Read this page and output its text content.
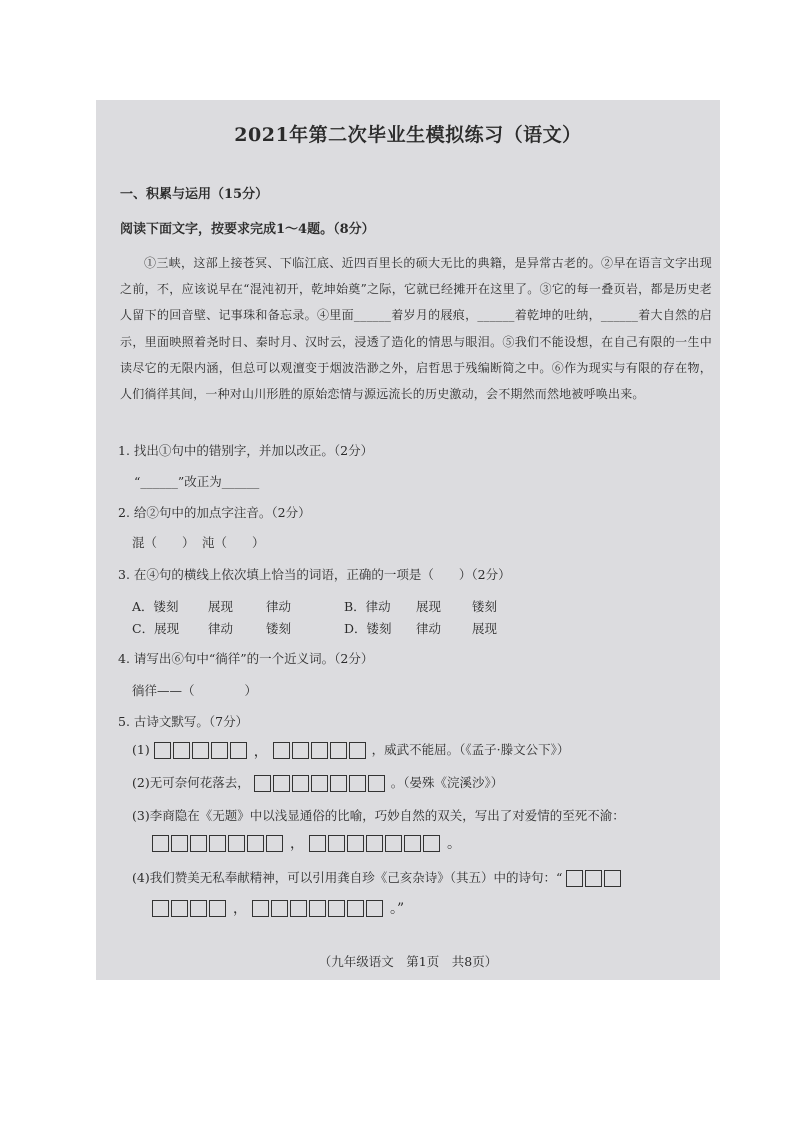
2021年第二次毕业生模拟练习（语文）
一、积累与运用（15分）
阅读下面文字，按要求完成1～4题。（8分）

①三峡，这部上接苍冥、下临江底、近四百里长的硕大无比的典籍，是异常古老的。②早在语言文字出现之前，不，应该说早在“混沌初开，乾坤始奠”之际，它就已经摊开在这里了。③它的每一叠页岩，都是历史老人留下的回音壁、记事珠和备忘录。④里面______着岁月的屐痕，______着乾坤的吐纳，______着大自然的启示，里面映照着尧时日、秦时月、汉时云，浸透了造化的情思与眼泪。⑤我们不能设想，在自己有限的一生中读尽它的无限内涵，但总可以观澶变于烟波浩渺之外，启哲思于残编断简之中。⑥作为现实与有限的存在物，人们徜徉其间，一种对山川形胜的原始恋情与源远流长的历史激动，会不期然而然地被呼唤出来。

1. 找出①句中的错别字，并加以改正。（2分）
“______”改正为______
2. 给②句中的加点字注音。（2分）
混（　　） 沌（　　）
3. 在④句的横线上依次填上恰当的词语，正确的一项是（　　）（2分）
A．镂刻 展现	律动	B．律动 展现 镂刻
C．展现 律动	镂刻	D．镂刻 律动 展现
4. 请写出⑥句中“徜徉”的一个近义词。（2分）
徜徉——（　　　　）
5. 古诗文默写。（7分）
(1)	，	，威武不能屈。（《孟子·滕文公下》）
(2)无可奈何花落去，	。（晏殊《浣溪沙》）
(3)李商隐在《无题》中以浅显通俗的比喻，巧妙自然的双关，写出了对爱情的至死不渝：
，	。
(4)我们赞美无私奉献精神，可以引用龚自珍《己亥杂诗》（其五）中的诗句：“
，	。”
（九年级语文　第1页　共8页）
